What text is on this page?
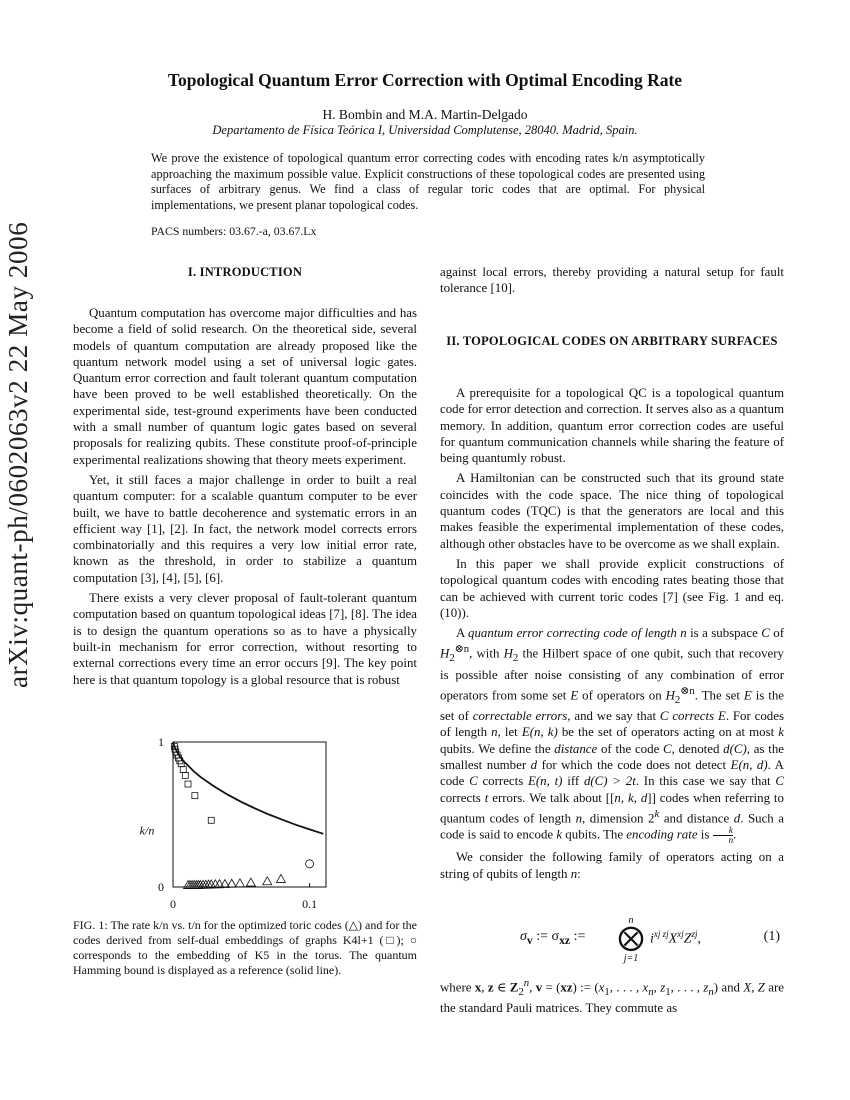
arXiv:quant-ph/0602063v2 22 May 2006
Topological Quantum Error Correction with Optimal Encoding Rate
H. Bombin and M.A. Martin-Delgado
Departamento de Física Teórica I, Universidad Complutense, 28040. Madrid, Spain.
We prove the existence of topological quantum error correcting codes with encoding rates k/n asymptotically approaching the maximum possible value. Explicit constructions of these topological codes are presented using surfaces of arbitrary genus. We find a class of regular toric codes that are optimal. For physical implementations, we present planar topological codes.
PACS numbers: 03.67.-a, 03.67.Lx
I. INTRODUCTION

Quantum computation has overcome major difficulties and has become a field of solid research. On the theoretical side, several models of quantum computation are already proposed like the quantum network model using a set of universal logic gates. Quantum error correction and fault tolerant quantum computation have been proved to be well established theoretically. On the experimental side, test-ground experiments have been conducted with a small number of quantum logic gates based on several proposals for realizing qubits. These constitute proof-of-principle experimental realizations showing that theory meets experiment.

Yet, it still faces a major challenge in order to built a real quantum computer: for a scalable quantum computer to be ever built, we have to battle decoherence and systematic errors in an efficient way [1], [2]. In fact, the network model corrects errors combinatorially and this requires a very low initial error rate, known as the threshold, in order to stabilize a quantum computation [3], [4], [5], [6].

There exists a very clever proposal of fault-tolerant quantum computation based on quantum topological ideas [7], [8]. The idea is to design the quantum operations so as to have a physically built-in mechanism for error correction, without resorting to external corrections every time an error occurs [9]. The key point here is that quantum topology is a global resource that is robust

0	0.1
0
1
k/n
FIG. 1: The rate k/n vs. t/n for the optimized toric codes (△) and for the codes derived from self-dual embeddings of graphs K4l+1 (□); ○ corresponds to the embedding of K5 in the torus. The quantum Hamming bound is displayed as a reference (solid line).

against local errors, thereby providing a natural setup for fault tolerance [10].

II. TOPOLOGICAL CODES ON ARBITRARY SURFACES

A prerequisite for a topological QC is a topological quantum code for error detection and correction. It serves also as a quantum memory. In addition, quantum error correction codes are useful for quantum communication channels while sharing the feature of being quantumly robust.

A Hamiltonian can be constructed such that its ground state coincides with the code space. The nice thing of topological quantum codes (TQC) is that the generators are local and this makes feasible the experimental implementation of these codes, although other obstacles have to be overcome as we shall explain.

In this paper we shall provide explicit constructions of topological quantum codes with encoding rates beating those that can be achieved with current toric codes [7] (see Fig. 1 and eq. (10)).

A quantum error correcting code of length n is a subspace C of $H_2^{\otimes n}$, with $H_2$ the Hilbert space of one qubit, such that recovery is possible after noise consisting of any combination of error operators from some set E of operators on $H_2^{\otimes n}$. The set E is the set of correctable errors, and we say that C corrects E. For codes of length n, let E(n, k) be the set of operators acting on at most k qubits. We define the distance of the code C, denoted d(C), as the smallest number d for which the code does not detect E(n, d). A code C corrects E(n, t) iff d(C) > 2t. In this case we say that C corrects t errors. We talk about [[n, k, d]] codes when referring to quantum codes of length n, dimension 2$^k$ and distance d. Such a code is said to encode k qubits. The encoding rate is $\frac{k}{n}$ .

We consider the following family of operators acting on a string of qubits of length n:

$\sigma_v$ := $\sigma_{xz}$ :=
n
⨂
j=1
$i^{xj zj}X^{xj}Z^{zj}$,	(1)

where x, z ∈ $Z_2^n$, v = (xz) := ($x_1$, . . . , $x_n$, $z_1$, . . . , $z_n$) and X, Z are the standard Pauli matrices. They commute as
